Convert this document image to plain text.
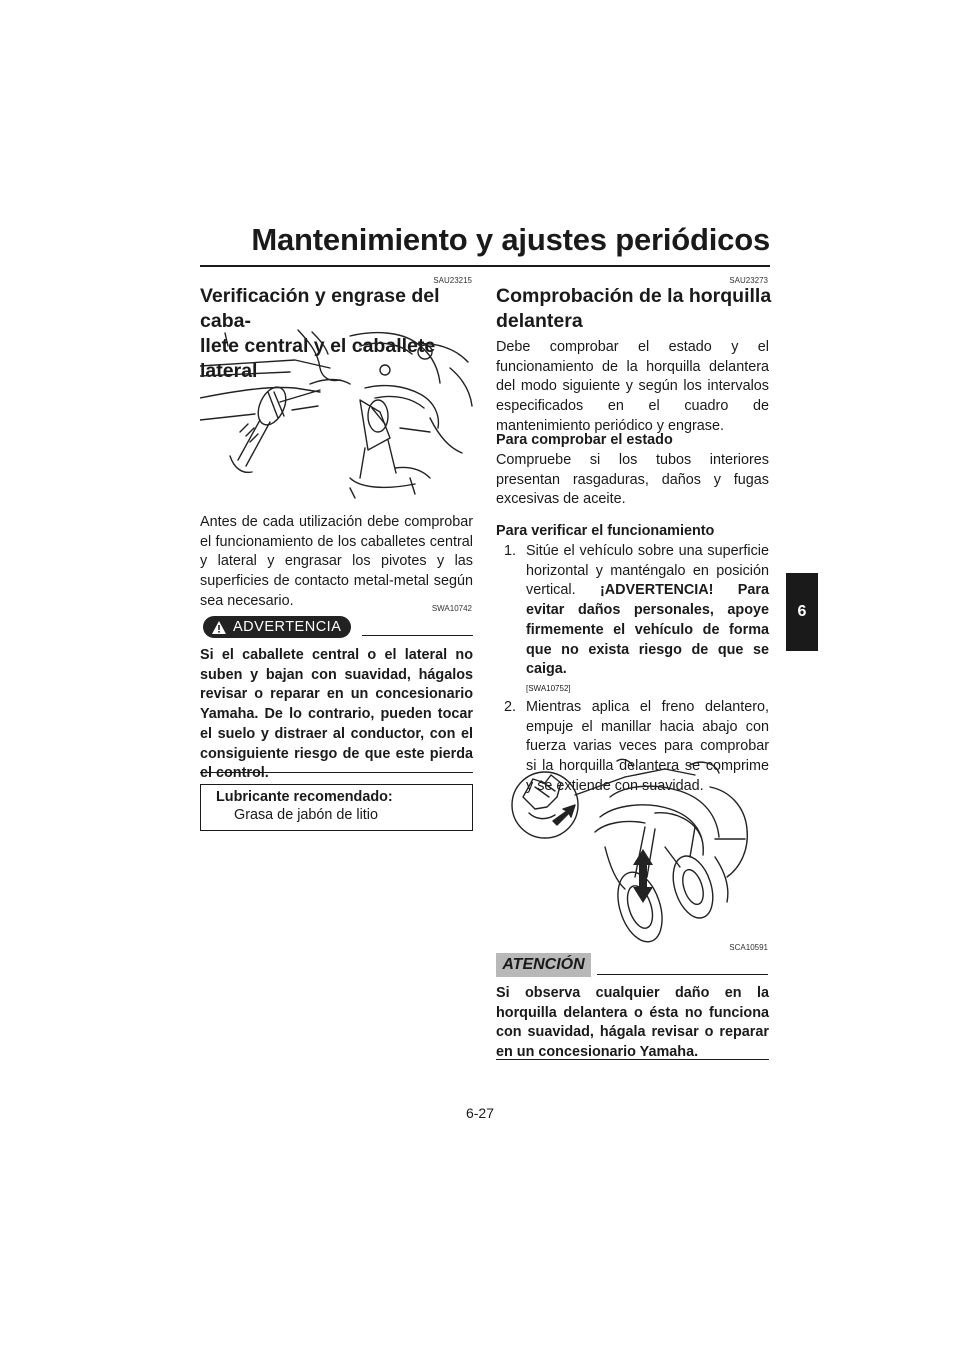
Mantenimiento y ajustes periódicos
6
SAU23215
Verificación y engrase del caba-
llete central y el caballete lateral
Antes de cada utilización debe comprobar el funcionamiento de los caballetes central y lateral y engrasar los pivotes y las superficies de contacto metal-metal según sea necesario.	SWA10742
ADVERTENCIA
Si el caballete central o el lateral no suben y bajan con suavidad, hágalos revisar o reparar en un concesionario Yamaha. De lo contrario, pueden tocar el suelo y distraer al conductor, con el consiguiente riesgo de que este pierda el control.
Lubricante recomendado:
Grasa de jabón de litio
SAU23273
Comprobación de la horquilla
delantera
Debe comprobar el estado y el funcionamiento de la horquilla delantera del modo siguiente y según los intervalos especificados en el cuadro de mantenimiento periódico y engrase.
Para comprobar el estado
Compruebe si los tubos interiores presentan rasgaduras, daños y fugas excesivas de aceite.
Para verificar el funcionamiento
1. Sitúe el vehículo sobre una superficie horizontal y manténgalo en posición vertical. ¡ADVERTENCIA! Para evitar daños personales, apoye firmemente el vehículo de forma que no exista riesgo de que se caiga.
[SWA10752]
2. Mientras aplica el freno delantero, empuje el manillar hacia abajo con fuerza varias veces para comprobar si la horquilla delantera se comprime y se extiende con suavidad.
SCA10591
ATENCIÓN
Si observa cualquier daño en la horquilla delantera o ésta no funciona con suavidad, hágala revisar o reparar en un concesionario Yamaha.
6-27
